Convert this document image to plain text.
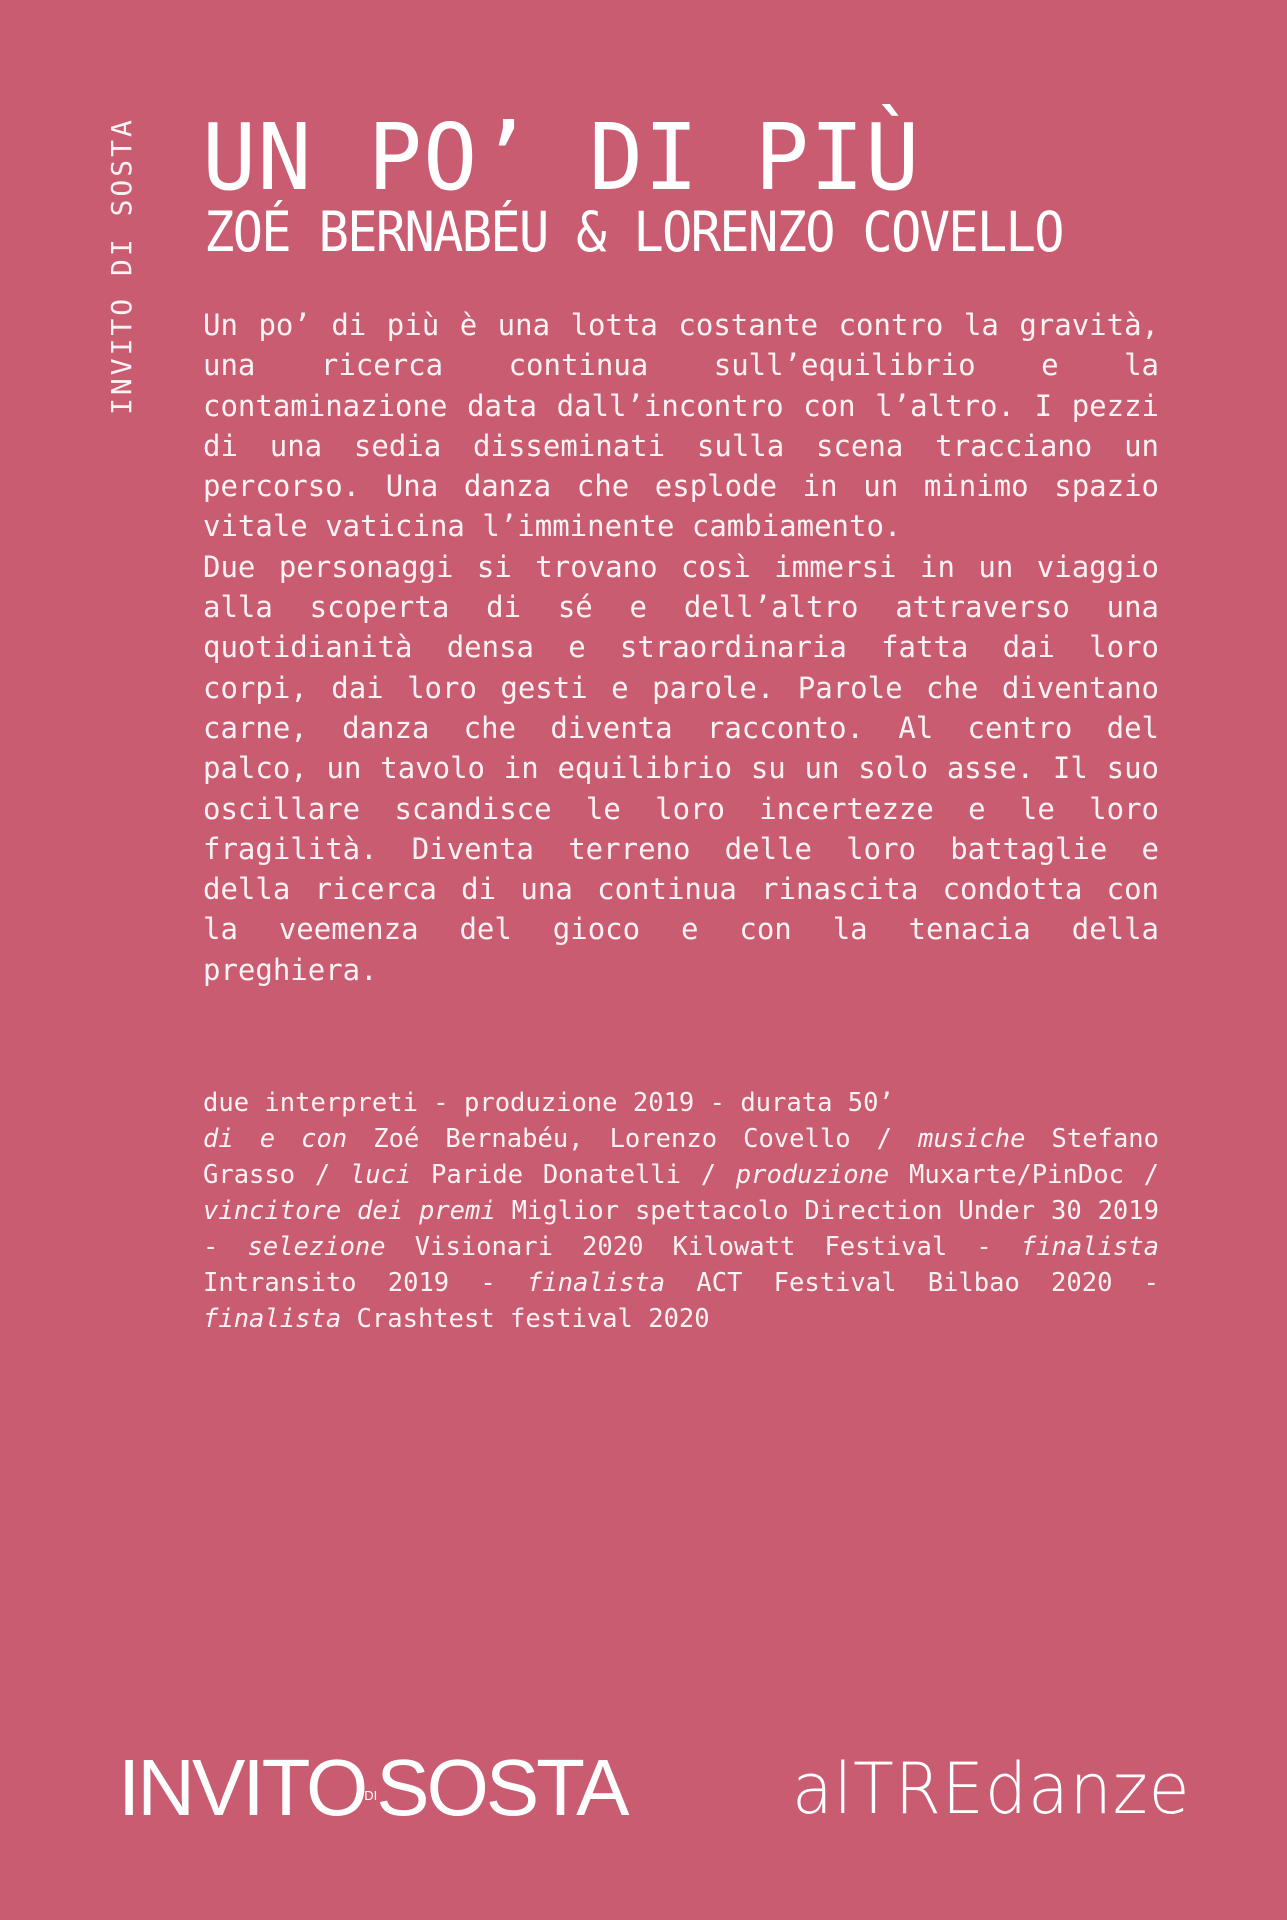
INVITO DI SOSTA UN PO’ DI PIÙ
ZOÉ BERNABÉU & LORENZO COVELLO

Un po’ di più è una lotta costante contro la gravità, una ricerca continua sull’equilibrio e la contaminazione data dall’incontro con l’altro. I pezzi di una sedia disseminati sulla scena tracciano un percorso. Una danza che esplode in un minimo spazio vitale vaticina l’imminente cambiamento.

Due personaggi si trovano così immersi in un viaggio alla scoperta di sé e dell’altro attraverso una quotidianità densa e straordinaria fatta dai loro corpi, dai loro gesti e parole. Parole che diventano carne, danza che diventa racconto. Al centro del palco, un tavolo in equilibrio su un solo asse. Il suo oscillare scandisce le loro incertezze e le loro fragilità. Diventa terreno delle loro battaglie e della ricerca di una continua rinascita condotta con la veemenza del gioco e con la tenacia della preghiera.

due interpreti - produzione 2019 - durata 50’

di e con Zoé Bernabéu, Lorenzo Covello / musiche Stefano Grasso / luci Paride Donatelli / produzione Muxarte/PinDoc / vincitore dei premi Miglior spettacolo Direction Under 30 2019 - selezione Visionari 2020 Kilowatt Festival - finalista Intransito 2019 - finalista ACT Festival Bilbao 2020 - finalista Crashtest festival 2020

INVITO DI SOSTA alTREdanze
